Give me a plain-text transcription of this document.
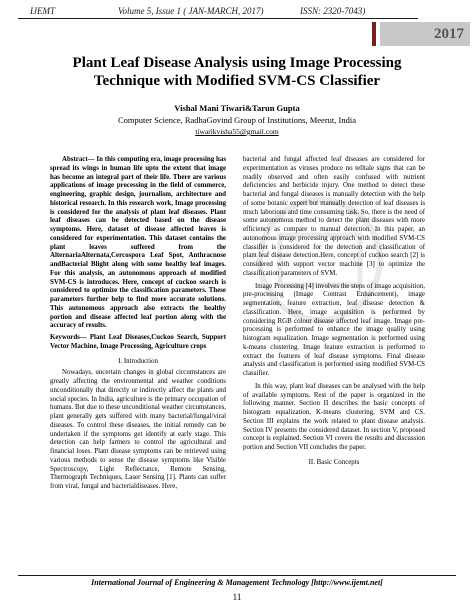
IJEMT	Volume 5, Issue 1 ( JAN-MARCH, 2017)	ISSN: 2320-7043)
2017
Plant Leaf Disease Analysis using Image Processing
Technique with Modified SVM-CS Classifier
Vishal Mani Tiwari&Tarun Gupta
Computer Science, RadhaGovind Group of Institutions, Meerut, India
tiwarikvisha55@gmail.com

Abstract— In this computing era, image processing has spread its wings in human life upto the extent that image has become an integral part of their life. There are various applications of image processing in the field of commerce, engineering, graphic design, journalism, architecture and historical research. In this research work, Image processing is considered for the analysis of plant leaf diseases. Plant leaf diseases can be detected based on the disease symptoms. Here, dataset of disease affected leaves is considered for experimentation. This dataset contains the plant leaves suffered from the AlternariaAlternata,Cercospora Leaf Spot, Anthracnose andBacterial Blight along with some healthy leaf images. For this analysis, an autonomous approach of modified SVM-CS is introduces. Here, concept of cuckoo search is considered to optimize the classification parameters. These parameters further help to find more accurate solutions. This autonomous approach also extracts the healthy portion and disease affected leaf portion along with the accuracy of results.

Keywords— Plant Leaf Diseases,Cuckoo Search, Support Vector Machine, Image Processing, Agriculture crops

I. Introduction

Nowadays, uncertain changes in global circumstances are greatly affecting the environmental and weather conditions unconditionally that directly or indirectly affect the plants and social species. In India, agriculture is the primary occupation of humans. But due to these unconditional weather circumstances, plant generally gets suffered with many bacterial/fungal/viral diseases. To control these diseases, the initial remedy can be undertaken if the symptoms get identify at early stage. This detection can help farmers to control the agricultural and financial loses. Plant disease symptoms can be retrieved using various methods to sense the disease symptoms like Visible Spectroscopy, Light Reflectance, Remote Sensing, Thermograph Techniques, Laser Sensing [1]. Plants can suffer from viral, fungal and bacterialdiseases. Here,

bacterial and fungal affected leaf diseases are considered for experimentation as viruses produce no telltale signs that can be readily observed and often easily confused with nutrient deficiencies and herbicide injury. One method to detect these bacterial and fungal diseases is manually detection with the help of some botanic expert but manually detection of leaf diseases is much laborious and time consuming task. So, there is the need of some autonomous method to detect the plant diseases with more efficiency as compare to manual detection. In this paper, an autonomous image processing approach with modified SVM-CS classifier is considered for the detection and classification of plant leaf disease detection.Here, concept of cuckoo search [2] is considered with support vector machine [3] to optimize the classification parameters of SVM.

Image Processing [4] involves the steps of image acquisition, pre-processing (Image Contrast Enhancement), image segmentation, feature extraction, leaf disease detection & classification. Here, image acquisition is performed by considering RGB colour disease affected leaf image. Image pre-processing is performed to enhance the image quality using histogram equalization. Image segmentation is performed using k-means clustering. Image feature extraction is performed to extract the features of leaf disease symptoms. Final disease analysis and classification is performed using modified SVM-CS classifier.

In this way, plant leaf diseases can be analysed with the help of available symptoms. Rest of the paper is organized in the following manner. Section II describes the basic concepts of histogram equalization, K-means clustering, SVM and CS. Section III explains the work related to plant disease analysis. Section IV presents the considered dataset. In section V, proposed concept is explained. Section VI covers the results and discussion portion and Section VII concludes the paper.

II. Basic Concepts

International Journal of Engineering & Management Technology [http://www.ijemt.net]
11
